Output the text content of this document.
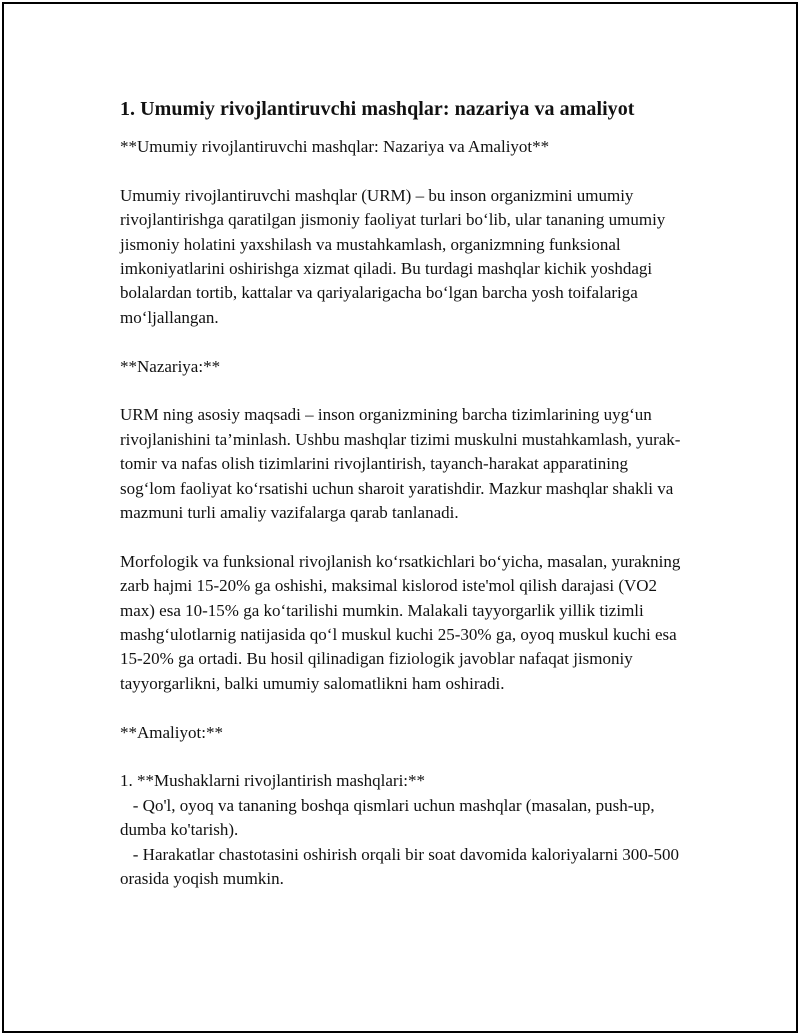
1. Umumiy rivojlantiruvchi mashqlar: nazariya va amaliyot

**Umumiy rivojlantiruvchi mashqlar: Nazariya va Amaliyot**

Umumiy rivojlantiruvchi mashqlar (URM) – bu inson organizmini umumiy rivojlantirishga qaratilgan jismoniy faoliyat turlari bo‘lib, ular tananing umumiy jismoniy holatini yaxshilash va mustahkamlash, organizmning funksional imkoniyatlarini oshirishga xizmat qiladi. Bu turdagi mashqlar kichik yoshdagi bolalardan tortib, kattalar va qariyalarigacha bo‘lgan barcha yosh toifalariga mo‘ljallangan.

**Nazariya:**

URM ning asosiy maqsadi – inson organizmining barcha tizimlarining uyg‘un rivojlanishini ta’minlash. Ushbu mashqlar tizimi muskulni mustahkamlash, yurak-tomir va nafas olish tizimlarini rivojlantirish, tayanch-harakat apparatining sog‘lom faoliyat ko‘rsatishi uchun sharoit yaratishdir. Mazkur mashqlar shakli va mazmuni turli amaliy vazifalarga qarab tanlanadi.

Morfologik va funksional rivojlanish ko‘rsatkichlari bo‘yicha, masalan, yurakning zarb hajmi 15-20% ga oshishi, maksimal kislorod iste'mol qilish darajasi (VO2 max) esa 10-15% ga ko‘tarilishi mumkin. Malakali tayyorgarlik yillik tizimli mashg‘ulotlarnig natijasida qo‘l muskul kuchi 25-30% ga, oyoq muskul kuchi esa 15-20% ga ortadi. Bu hosil qilinadigan fiziologik javoblar nafaqat jismoniy tayyorgarlikni, balki umumiy salomatlikni ham oshiradi.

**Amaliyot:**

1. **Mushaklarni rivojlantirish mashqlari:**
- Qo'l, oyoq va tananing boshqa qismlari uchun mashqlar (masalan, push-up, dumba ko'tarish).
- Harakatlar chastotasini oshirish orqali bir soat davomida kaloriyalarni 300-500 orasida yoqish mumkin.
